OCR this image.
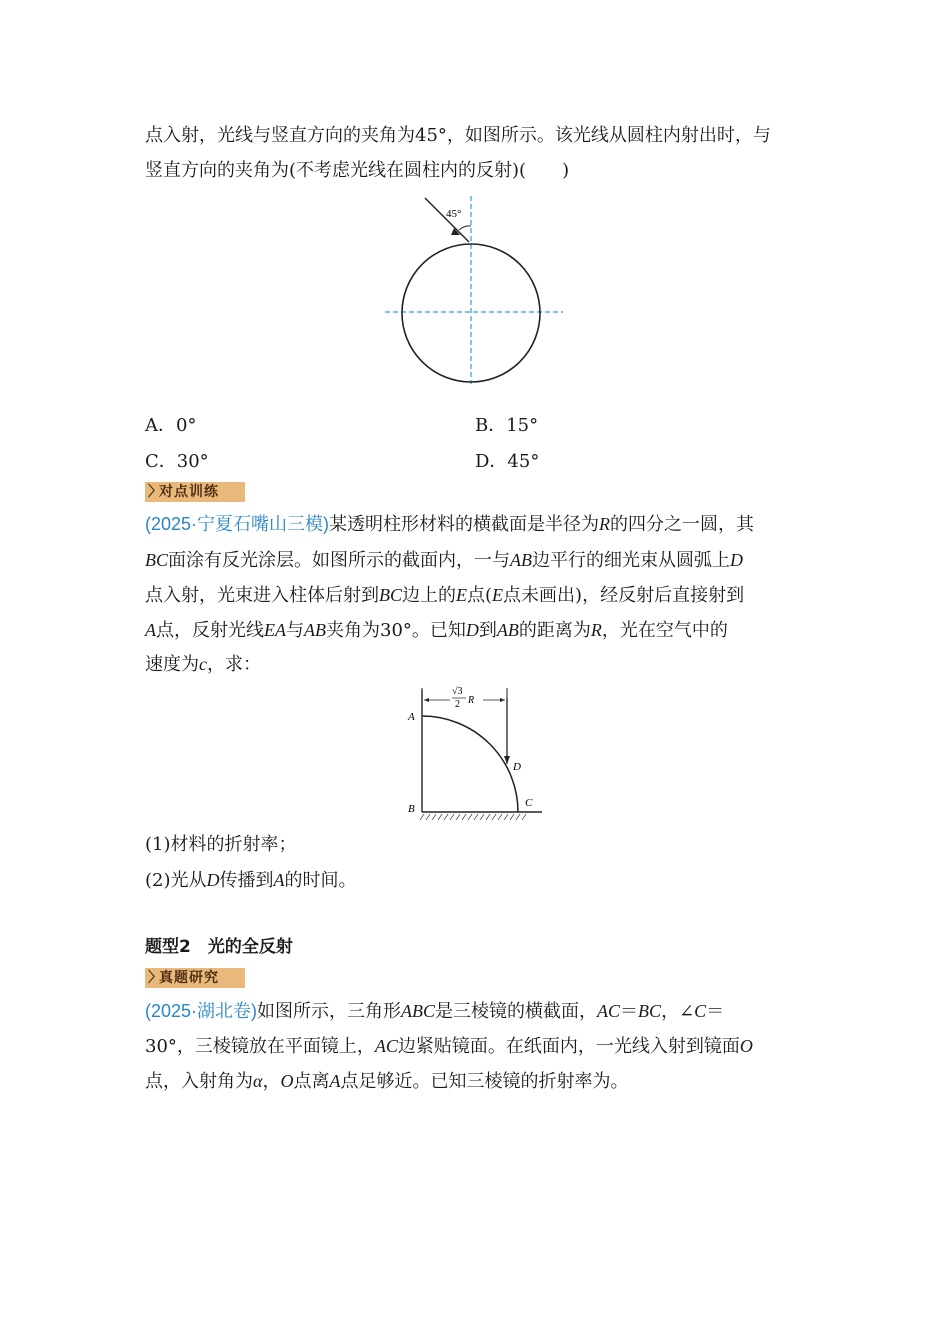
点入射，光线与竖直方向的夹角为45°，如图所示。该光线从圆柱内射出时，与
竖直方向的夹角为(不考虑光线在圆柱内的反射)(　　)
45°
A．0°	B．15°
C．30°	D．45°
〉
对点训练
(2025·宁夏石嘴山三模)某透明柱形材料的横截面是半径为R的四分之一圆，其
BC面涂有反光涂层。如图所示的截面内，一与AB边平行的细光束从圆弧上D
点入射，光束进入柱体后射到BC边上的E点(E点未画出)，经反射后直接射到
A点，反射光线EA与AB夹角为30°。已知D到AB的距离为R，光在空气中的
速度为c，求：
√3
2 R
A
B	C
D
(1)材料的折射率；
(2)光从D传播到A的时间。
题型2　光的全反射
〉
真题研究
(2025·湖北卷)如图所示，三角形ABC是三棱镜的横截面，AC＝BC，∠C＝
30°，三棱镜放在平面镜上，AC边紧贴镜面。在纸面内，一光线入射到镜面O
点，入射角为α，O点离A点足够近。已知三棱镜的折射率为。
